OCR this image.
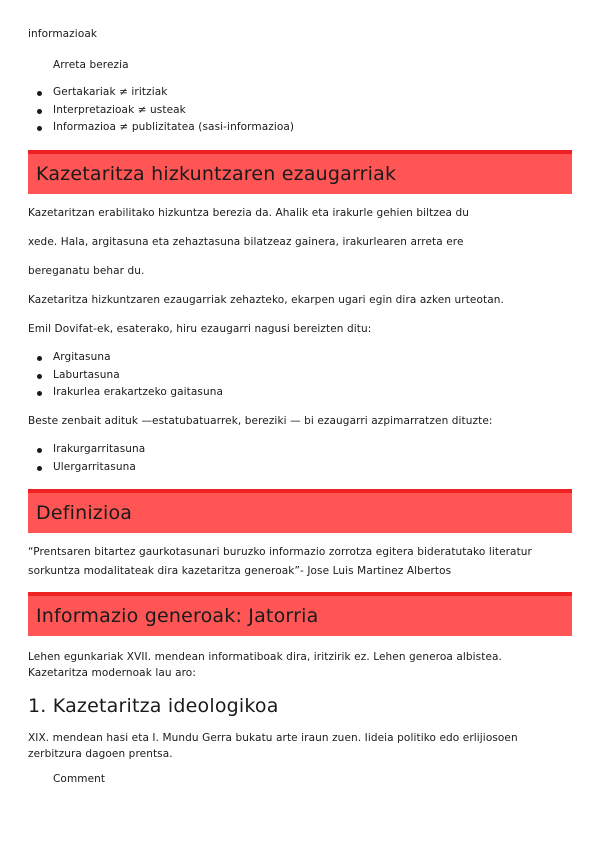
informazioak

Arreta berezia

Gertakariak ≠ iritziak
Interpretazioak ≠ usteak
Informazioa ≠ publizitatea (sasi-informazioa)
Kazetaritza hizkuntzaren ezaugarriak

Kazetaritzan erabilitako hizkuntza berezia da. Ahalik eta irakurle gehien biltzea du

xede. Hala, argitasuna eta zehaztasuna bilatzeaz gainera, irakurlearen arreta ere

bereganatu behar du.

Kazetaritza hizkuntzaren ezaugarriak zehazteko, ekarpen ugari egin dira azken urteotan.

Emil Dovifat-ek, esaterako, hiru ezaugarri nagusi bereizten ditu:

Argitasuna
Laburtasuna
Irakurlea erakartzeko gaitasuna

Beste zenbait adituk —estatubatuarrek, bereziki — bi ezaugarri azpimarratzen dituzte:

Irakurgarritasuna
Ulergarritasuna
Definizioa

“Prentsaren bitartez gaurkotasunari buruzko informazio zorrotza egitera bideratutako literatur

sorkuntza modalitateak dira kazetaritza generoak”- Jose Luis Martinez Albertos

Informazio generoak: Jatorria

Lehen egunkariak XVII. mendean informatiboak dira, iritzirik ez. Lehen generoa albistea.

Kazetaritza modernoak lau aro:

1. Kazetaritza ideologikoa

XIX. mendean hasi eta I. Mundu Gerra bukatu arte iraun zuen. Iideia politiko edo erlijiosoen

zerbitzura dagoen prentsa.

Comment
